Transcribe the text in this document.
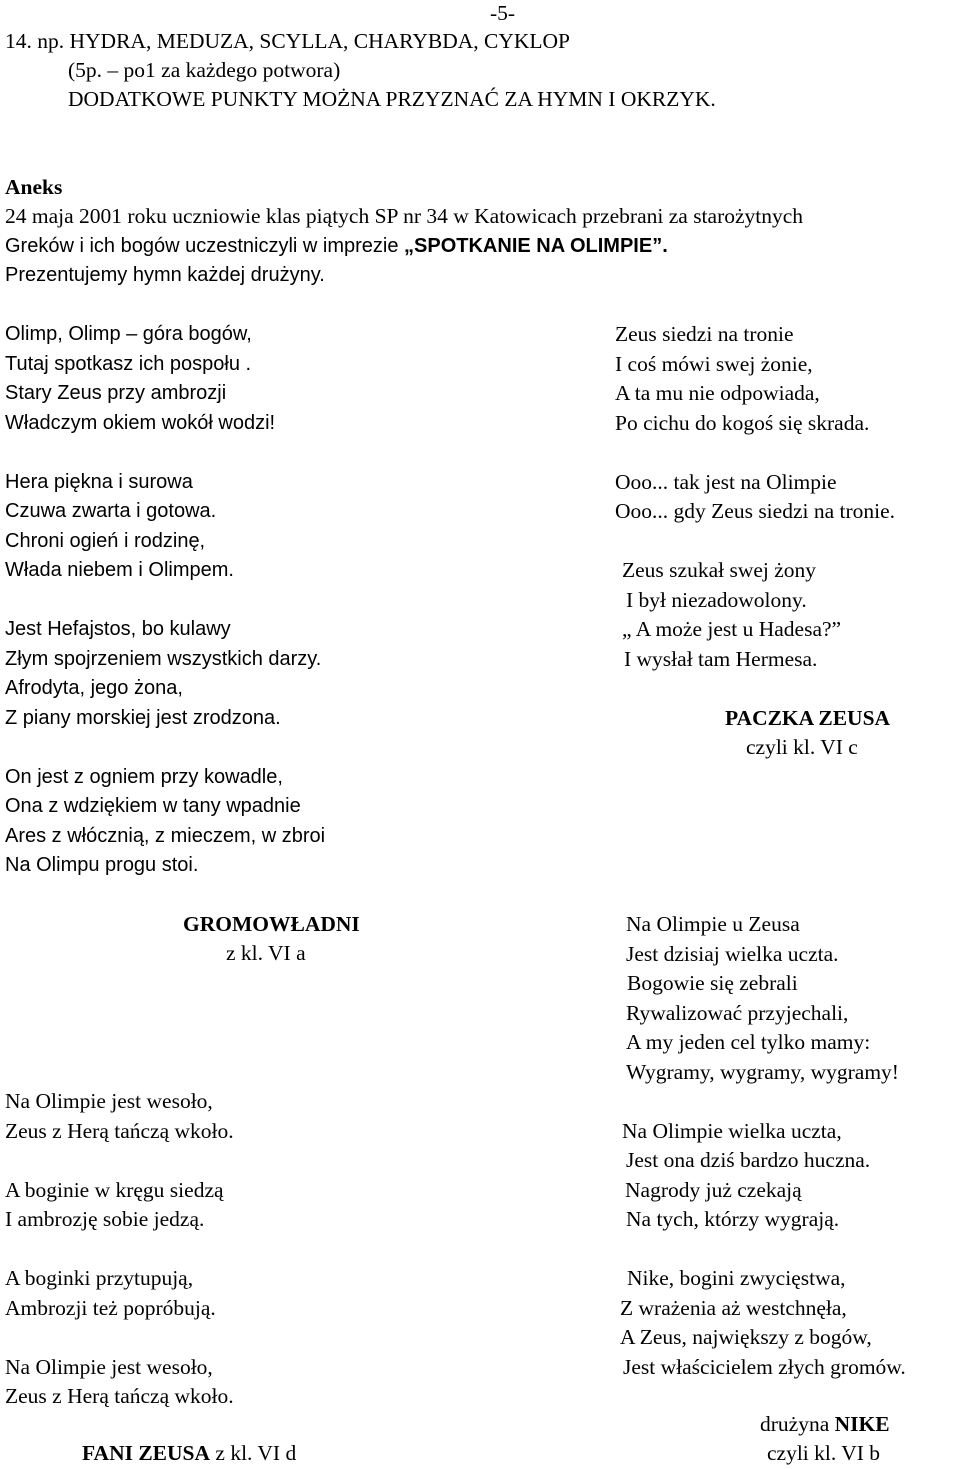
-5-
14. np. HYDRA, MEDUZA, SCYLLA, CHARYBDA, CYKLOP
(5p. – po1 za każdego potwora)
DODATKOWE PUNKTY MOŻNA PRZYZNAĆ ZA HYMN I OKRZYK.
Aneks
24 maja 2001 roku uczniowie klas piątych SP nr 34 w Katowicach przebrani za starożytnych
Greków i ich bogów uczestniczyli w imprezie „SPOTKANIE NA OLIMPIE”.
Prezentujemy hymn każdej drużyny.
Olimp, Olimp – góra bogów,
Tutaj spotkasz ich pospołu .
Stary Zeus przy ambrozji
Władczym okiem wokół wodzi!
Hera piękna i surowa
Czuwa zwarta i gotowa.
Chroni ogień i rodzinę,
Włada niebem i Olimpem.
Jest Hefajstos, bo kulawy
Złym spojrzeniem wszystkich darzy.
Afrodyta, jego żona,
Z piany morskiej jest zrodzona.
On jest z ogniem przy kowadle,
Ona z wdziękiem w tany wpadnie
Ares z włócznią, z mieczem, w zbroi
Na Olimpu progu stoi.
GROMOWŁADNI
z kl. VI a
Zeus siedzi na tronie
I coś mówi swej żonie,
A ta mu nie odpowiada,
Po cichu do kogoś się skrada.
Ooo... tak jest na Olimpie
Ooo... gdy Zeus siedzi na tronie.
Zeus szukał swej żony
I był niezadowolony.
„ A może jest u Hadesa?”
I wysłał tam Hermesa.
PACZKA ZEUSA
czyli kl. VI c
Na Olimpie jest wesoło,
Zeus z Herą tańczą wkoło.
A boginie w kręgu siedzą
I ambrozję sobie jedzą.
A boginki przytupują,
Ambrozji też popróbują.
Na Olimpie jest wesoło,
Zeus z Herą tańczą wkoło.
FANI ZEUSA z kl. VI d
Na Olimpie u Zeusa
Jest dzisiaj wielka uczta.
Bogowie się zebrali
Rywalizować przyjechali,
A my jeden cel tylko mamy:
Wygramy, wygramy, wygramy!
Na Olimpie wielka uczta,
Jest ona dziś bardzo huczna.
Nagrody już czekają
Na tych, którzy wygrają.
Nike, bogini zwycięstwa,
Z wrażenia aż westchnęła,
A Zeus, największy z bogów,
Jest właścicielem złych gromów.
drużyna NIKE
czyli kl. VI b
